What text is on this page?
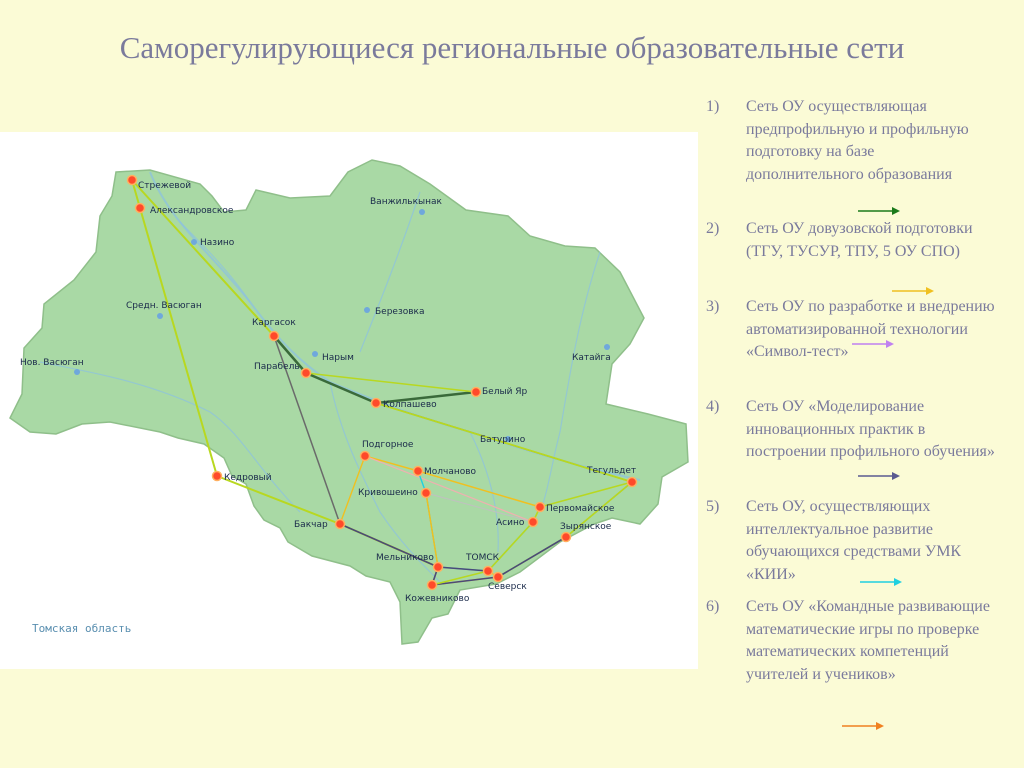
Саморегулирующиеся региональные образовательные сети
Стрежевой
Александровское
Назино
Ванжилькынак
Средн. Васюган
Каргасок
Березовка
Нов. Васюган	Нарым	Катайга
Парабель
Белый Яр
Колпашево
Батурино
Подгорное
Молчаново	Тегульдет
Кедровый
Кривошеино
Первомайское
Бакчар	Асино	Зырянское
Мельниково	ТОМСК
Северск
Кожевниково
Томская область
1) Сеть ОУ осуществляющая предпрофильную и профильную подготовку на базе дополнительного образования
2) Сеть ОУ довузовской подготовки (ТГУ, ТУСУР, ТПУ, 5 ОУ СПО)
3) Сеть ОУ по разработке и внедрению автоматизированной технологии «Символ-тест»
4) Сеть ОУ «Моделирование инновационных практик в построении профильного обучения»
5) Сеть ОУ, осуществляющих интеллектуальное развитие обучающихся средствами УМК «КИИ»
6) Сеть ОУ «Командные развивающие математические игры по проверке математических компетенций учителей и учеников»
